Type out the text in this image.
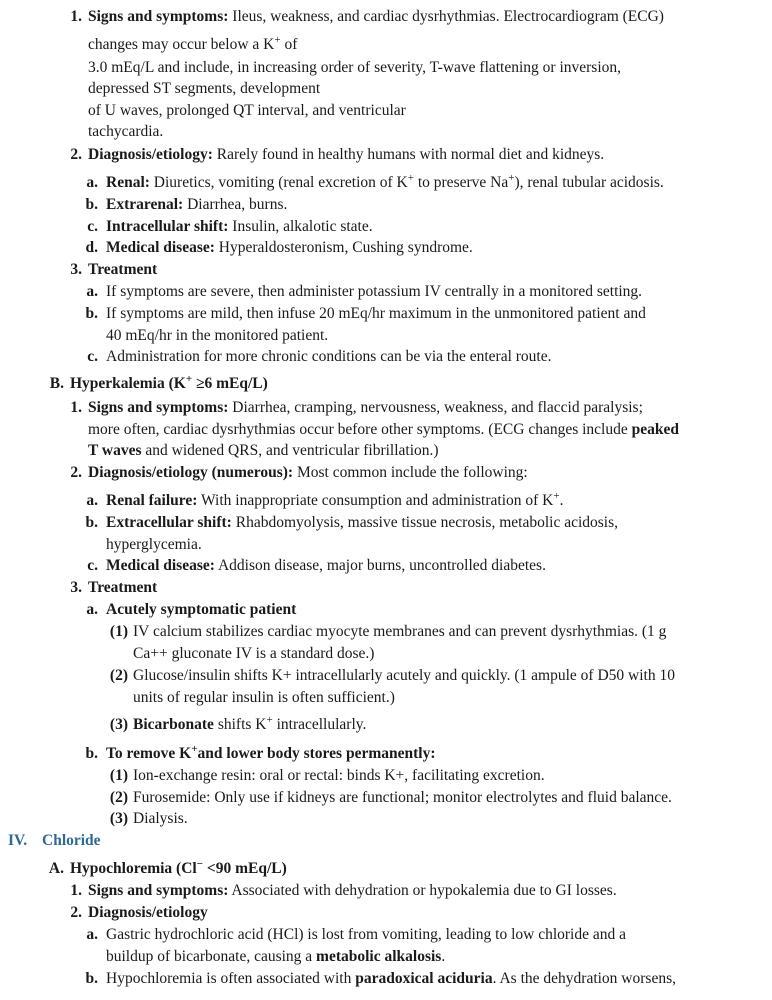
1. Signs and symptoms: Ileus, weakness, and cardiac dysrhythmias. Electrocardiogram (ECG)
changes may occur below a K+ of
3.0 mEq/L and include, in increasing order of severity, T-wave flattening or inversion,
depressed ST segments, development
of U waves, prolonged QT interval, and ventricular
tachycardia.
2. Diagnosis/etiology: Rarely found in healthy humans with normal diet and kidneys.
a. Renal: Diuretics, vomiting (renal excretion of K+ to preserve Na+), renal tubular acidosis.
b. Extrarenal: Diarrhea, burns.
c. Intracellular shift: Insulin, alkalotic state.
d. Medical disease: Hyperaldosteronism, Cushing syndrome.
3. Treatment
a. If symptoms are severe, then administer potassium IV centrally in a monitored setting.
b. If symptoms are mild, then infuse 20 mEq/hr maximum in the unmonitored patient and
40 mEq/hr in the monitored patient.
c. Administration for more chronic conditions can be via the enteral route.
B. Hyperkalemia (K+ ≥6 mEq/L)
1. Signs and symptoms: Diarrhea, cramping, nervousness, weakness, and flaccid paralysis;
more often, cardiac dysrhythmias occur before other symptoms. (ECG changes include peaked
T waves and widened QRS, and ventricular fibrillation.)
2. Diagnosis/etiology (numerous): Most common include the following:
a. Renal failure: With inappropriate consumption and administration of K+.
b. Extracellular shift: Rhabdomyolysis, massive tissue necrosis, metabolic acidosis,
hyperglycemia.
c. Medical disease: Addison disease, major burns, uncontrolled diabetes.
3. Treatment
a. Acutely symptomatic patient
(1) IV calcium stabilizes cardiac myocyte membranes and can prevent dysrhythmias. (1 g
Ca++ gluconate IV is a standard dose.)
(2) Glucose/insulin shifts K+ intracellularly acutely and quickly. (1 ampule of D50 with 10
units of regular insulin is often sufficient.)
(3) Bicarbonate shifts K+ intracellularly.
b. To remove K+and lower body stores permanently:
(1) Ion-exchange resin: oral or rectal: binds K+, facilitating excretion.
(2) Furosemide: Only use if kidneys are functional; monitor electrolytes and fluid balance.
(3) Dialysis.
IV. Chloride
A. Hypochloremia (Cl− <90 mEq/L)
1. Signs and symptoms: Associated with dehydration or hypokalemia due to GI losses.
2. Diagnosis/etiology
a. Gastric hydrochloric acid (HCl) is lost from vomiting, leading to low chloride and a
buildup of bicarbonate, causing a metabolic alkalosis.
b. Hypochloremia is often associated with paradoxical aciduria. As the dehydration worsens,
